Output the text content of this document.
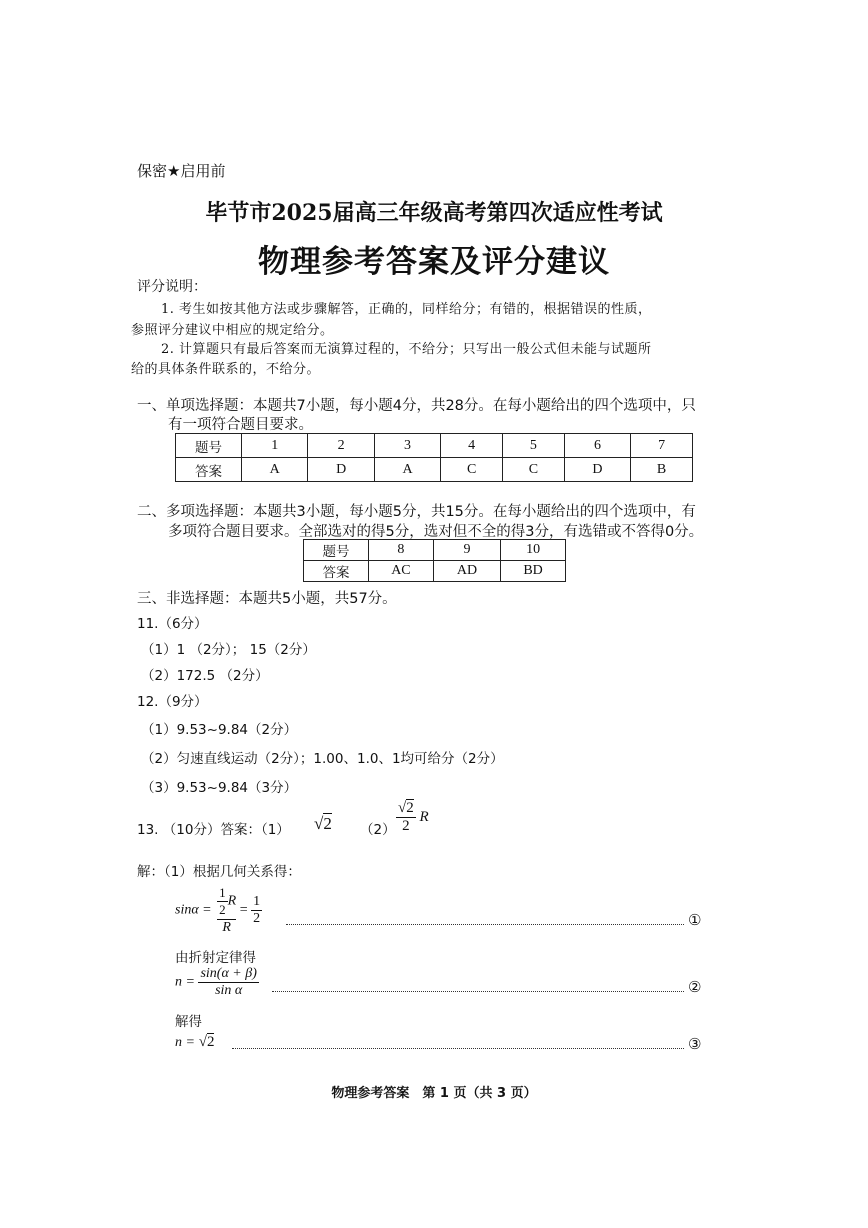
保密★启用前
毕节市2025届高三年级高考第四次适应性考试
物理参考答案及评分建议
评分说明：
1. 考生如按其他方法或步骤解答，正确的，同样给分；有错的，根据错误的性质，
参照评分建议中相应的规定给分。
2. 计算题只有最后答案而无演算过程的，不给分；只写出一般公式但未能与试题所
给的具体条件联系的，不给分。
一、单项选择题：本题共7小题，每小题4分，共28分。在每小题给出的四个选项中，只
有一项符合题目要求。
题号	1	2	3	4	5	6	7
答案	A	D	A	C	C	D	B
二、多项选择题：本题共3小题，每小题5分，共15分。在每小题给出的四个选项中，有
多项符合题目要求。全部选对的得5分，选对但不全的得3分，有选错或不答得0分。
题号	8	9	10
答案	AC	AD	BD
三、非选择题：本题共5小题，共57分。
11.（6分）
（1）1 （2分）； 15（2分）
（2）172.5 （2分）
12.（9分）
（1）9.53~9.84（2分）
（2）匀速直线运动（2分）；1.00、1.0、1均可给分（2分）
（3）9.53~9.84（3分）
13. （10分）答案：（1） √2 $(2) \frac{√2}{2}$ R
解：（1）根据几何关系得：
$\sin\alpha = \frac{\frac{1}{2} R}{R} = \frac{1}{2}$	①
由折射定律得
$n = \frac{\sin(\alpha + \beta)}{\text{sin α}}$	②
解得
n = √2	③
物理参考答案　第 1 页（共 3 页）
